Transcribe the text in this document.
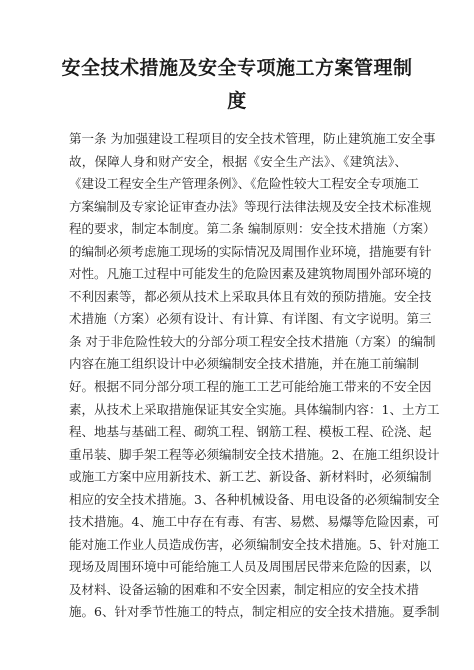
安全技术措施及安全专项施工方案管理制
度
第一条 为加强建设工程项目的安全技术管理，防止建筑施工安全事
故，保障人身和财产安全，根据《安全生产法》、《建筑法》、
《建设工程安全生产管理条例》、《危险性较大工程安全专项施工
方案编制及专家论证审查办法》等现行法律法规及安全技术标准规
程的要求，制定本制度。第二条 编制原则：安全技术措施（方案）
的编制必须考虑施工现场的实际情况及周围作业环境，措施要有针
对性。凡施工过程中可能发生的危险因素及建筑物周围外部环境的
不利因素等，都必须从技术上采取具体且有效的预防措施。安全技
术措施（方案）必须有设计、有计算、有详图、有文字说明。第三
条 对于非危险性较大的分部分项工程安全技术措施（方案）的编制
内容在施工组织设计中必须编制安全技术措施，并在施工前编制
好。根据不同分部分项工程的施工工艺可能给施工带来的不安全因
素，从技术上采取措施保证其安全实施。具体编制内容：1、土方工
程、地基与基础工程、砌筑工程、钢筋工程、模板工程、砼浇、起
重吊装、脚手架工程等必须编制安全技术措施。2、在施工组织设计
或施工方案中应用新技术、新工艺、新设备、新材料时，必须编制
相应的安全技术措施。3、各种机械设备、用电设备的必须编制安全
技术措施。4、施工中存在有毒、有害、易燃、易爆等危险因素，可
能对施工作业人员造成伤害，必须编制安全技术措施。5、针对施工
现场及周围环境中可能给施工人员及周围居民带来危险的因素，以
及材料、设备运输的困难和不安全因素，制定相应的安全技术措
施。6、针对季节性施工的特点，制定相应的安全技术措施。夏季制
